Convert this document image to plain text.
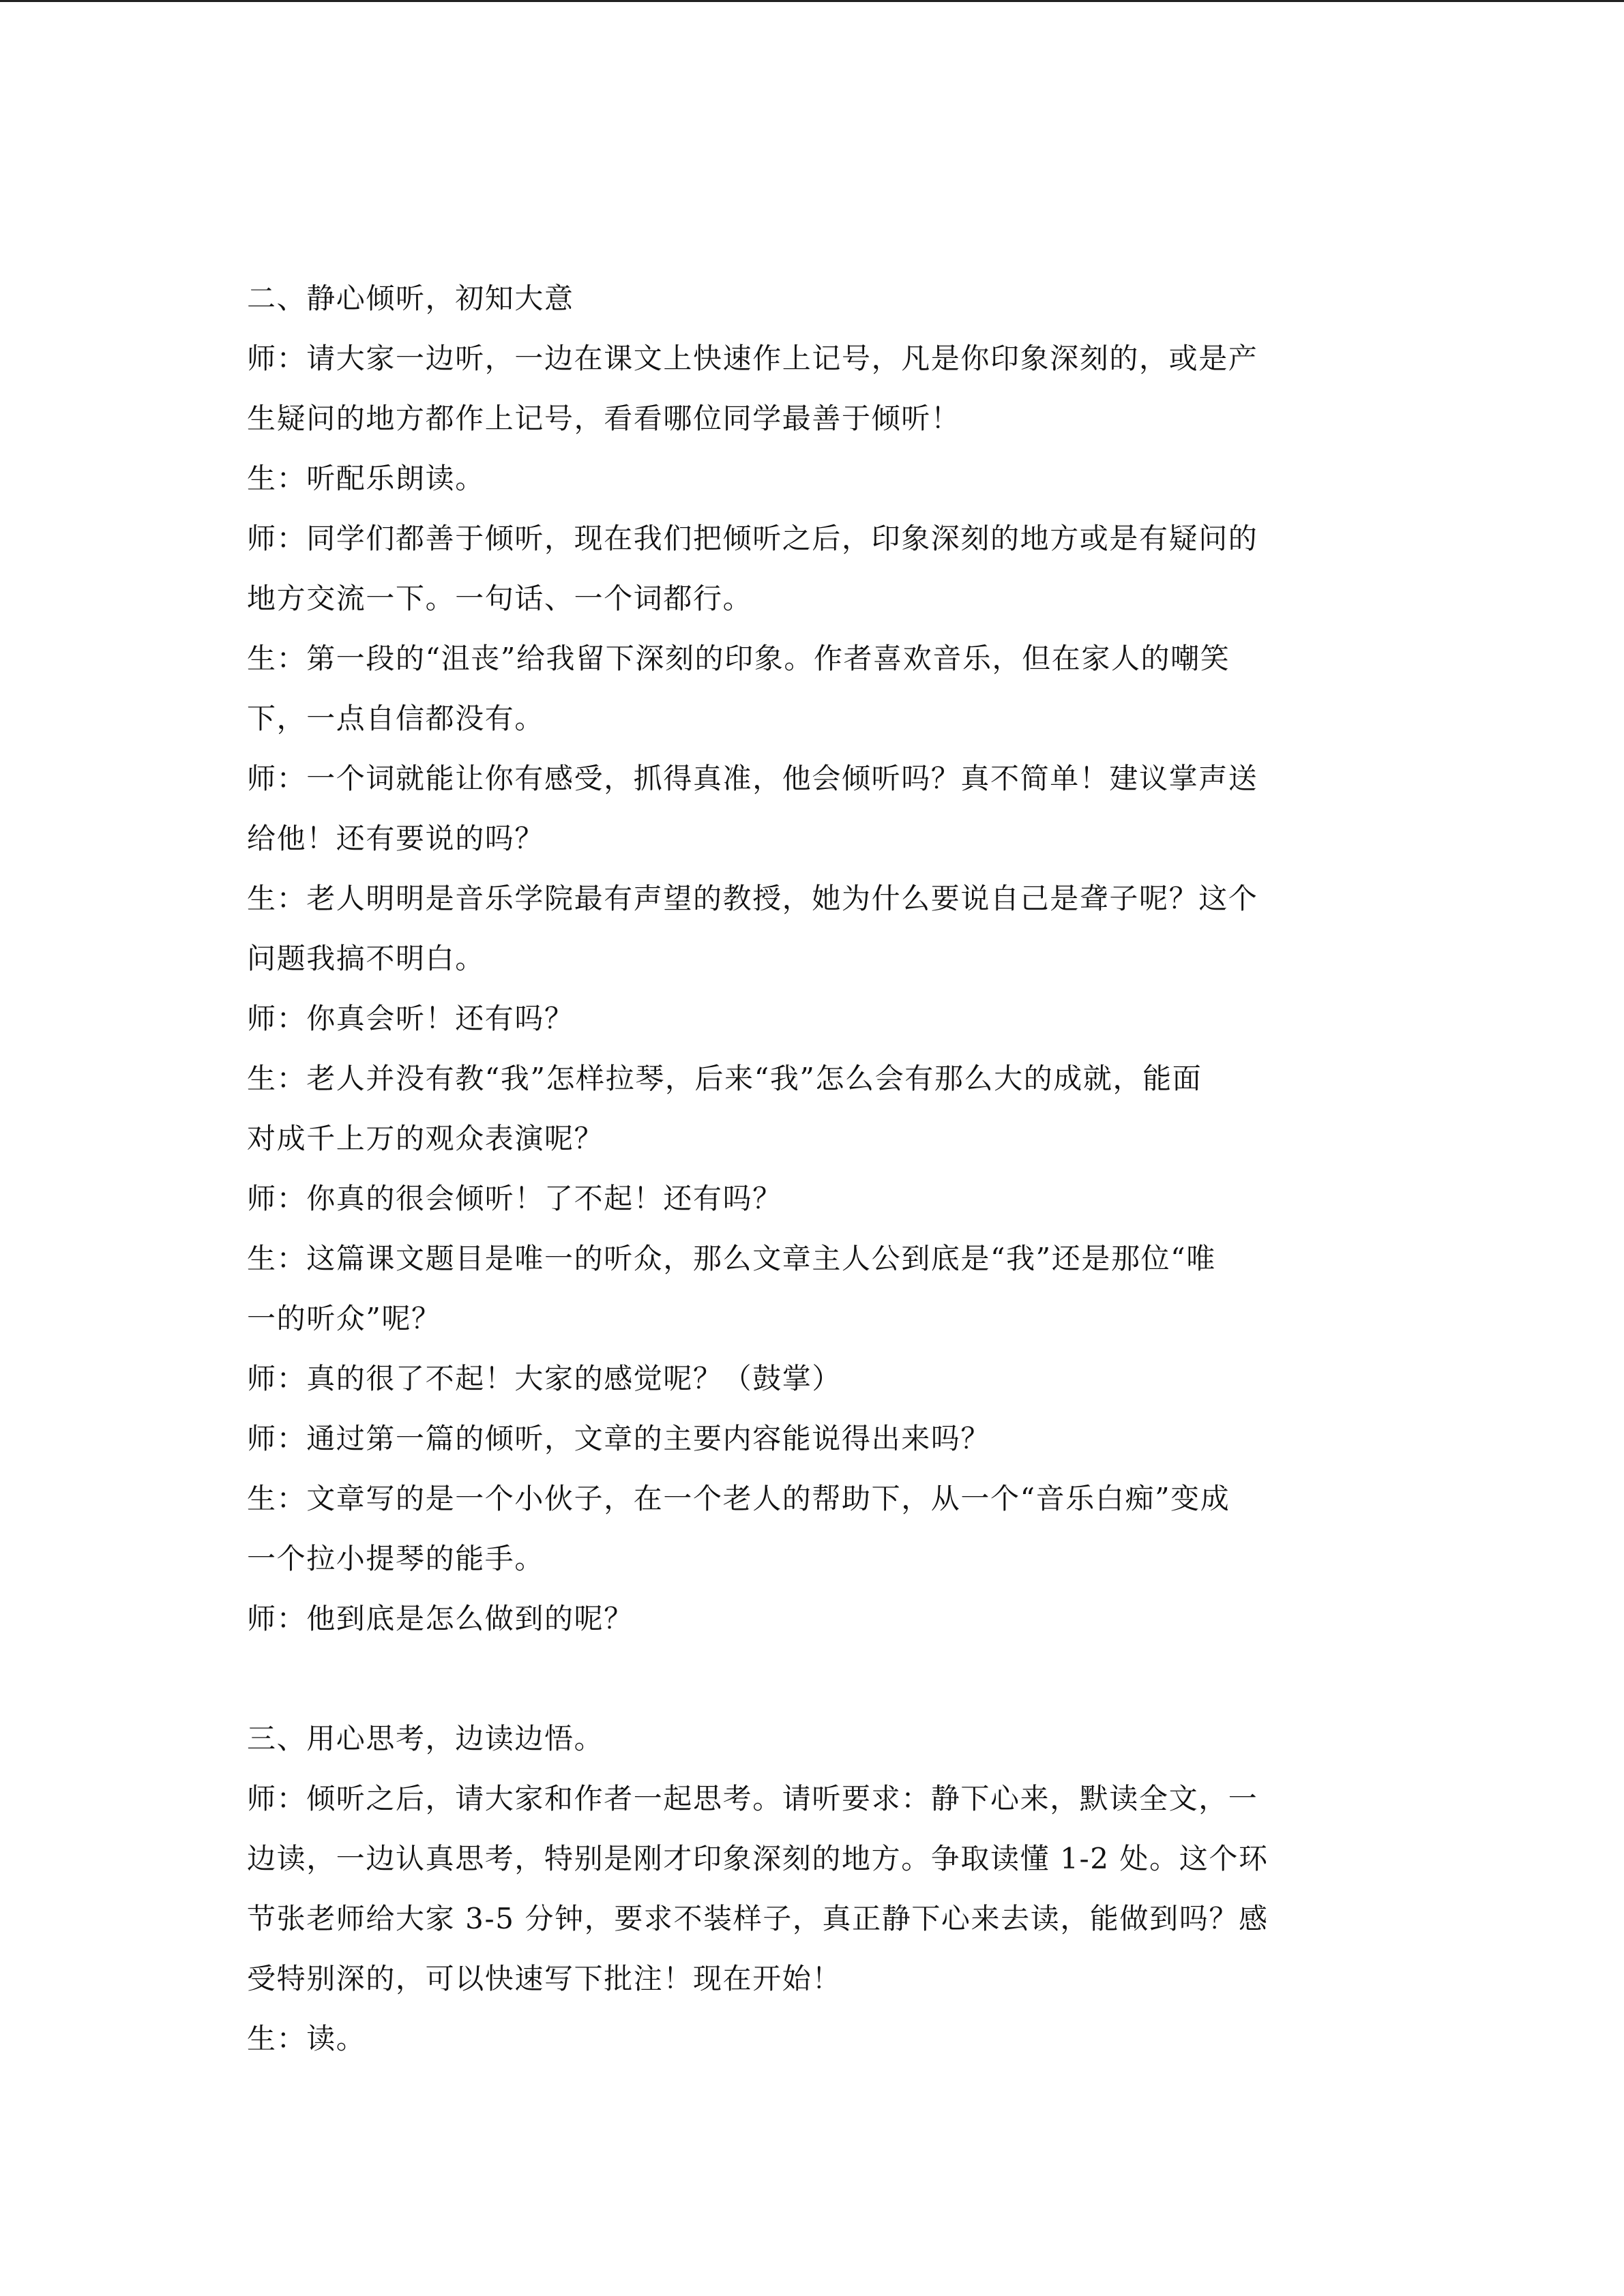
二、静心倾听，初知大意
师：请大家一边听，一边在课文上快速作上记号，凡是你印象深刻的，或是产
生疑问的地方都作上记号，看看哪位同学最善于倾听！
生：听配乐朗读。
师：同学们都善于倾听，现在我们把倾听之后，印象深刻的地方或是有疑问的
地方交流一下。一句话、一个词都行。
生：第一段的“沮丧”给我留下深刻的印象。作者喜欢音乐，但在家人的嘲笑
下，一点自信都没有。
师：一个词就能让你有感受，抓得真准，他会倾听吗？真不简单！建议掌声送
给他！还有要说的吗？
生：老人明明是音乐学院最有声望的教授，她为什么要说自己是聋子呢？这个
问题我搞不明白。
师：你真会听！还有吗？
生：老人并没有教“我”怎样拉琴，后来“我”怎么会有那么大的成就，能面
对成千上万的观众表演呢？
师：你真的很会倾听！了不起！还有吗？
生：这篇课文题目是唯一的听众，那么文章主人公到底是“我”还是那位“唯
一的听众”呢？
师：真的很了不起！大家的感觉呢？（鼓掌）
师：通过第一篇的倾听，文章的主要内容能说得出来吗？
生：文章写的是一个小伙子，在一个老人的帮助下，从一个“音乐白痴”变成
一个拉小提琴的能手。
师：他到底是怎么做到的呢？
三、用心思考，边读边悟。
师：倾听之后，请大家和作者一起思考。请听要求：静下心来，默读全文，一
边读，一边认真思考，特别是刚才印象深刻的地方。争取读懂 1-2 处。这个环
节张老师给大家 3-5 分钟，要求不装样子，真正静下心来去读，能做到吗？感
受特别深的，可以快速写下批注！现在开始！
生：读。
